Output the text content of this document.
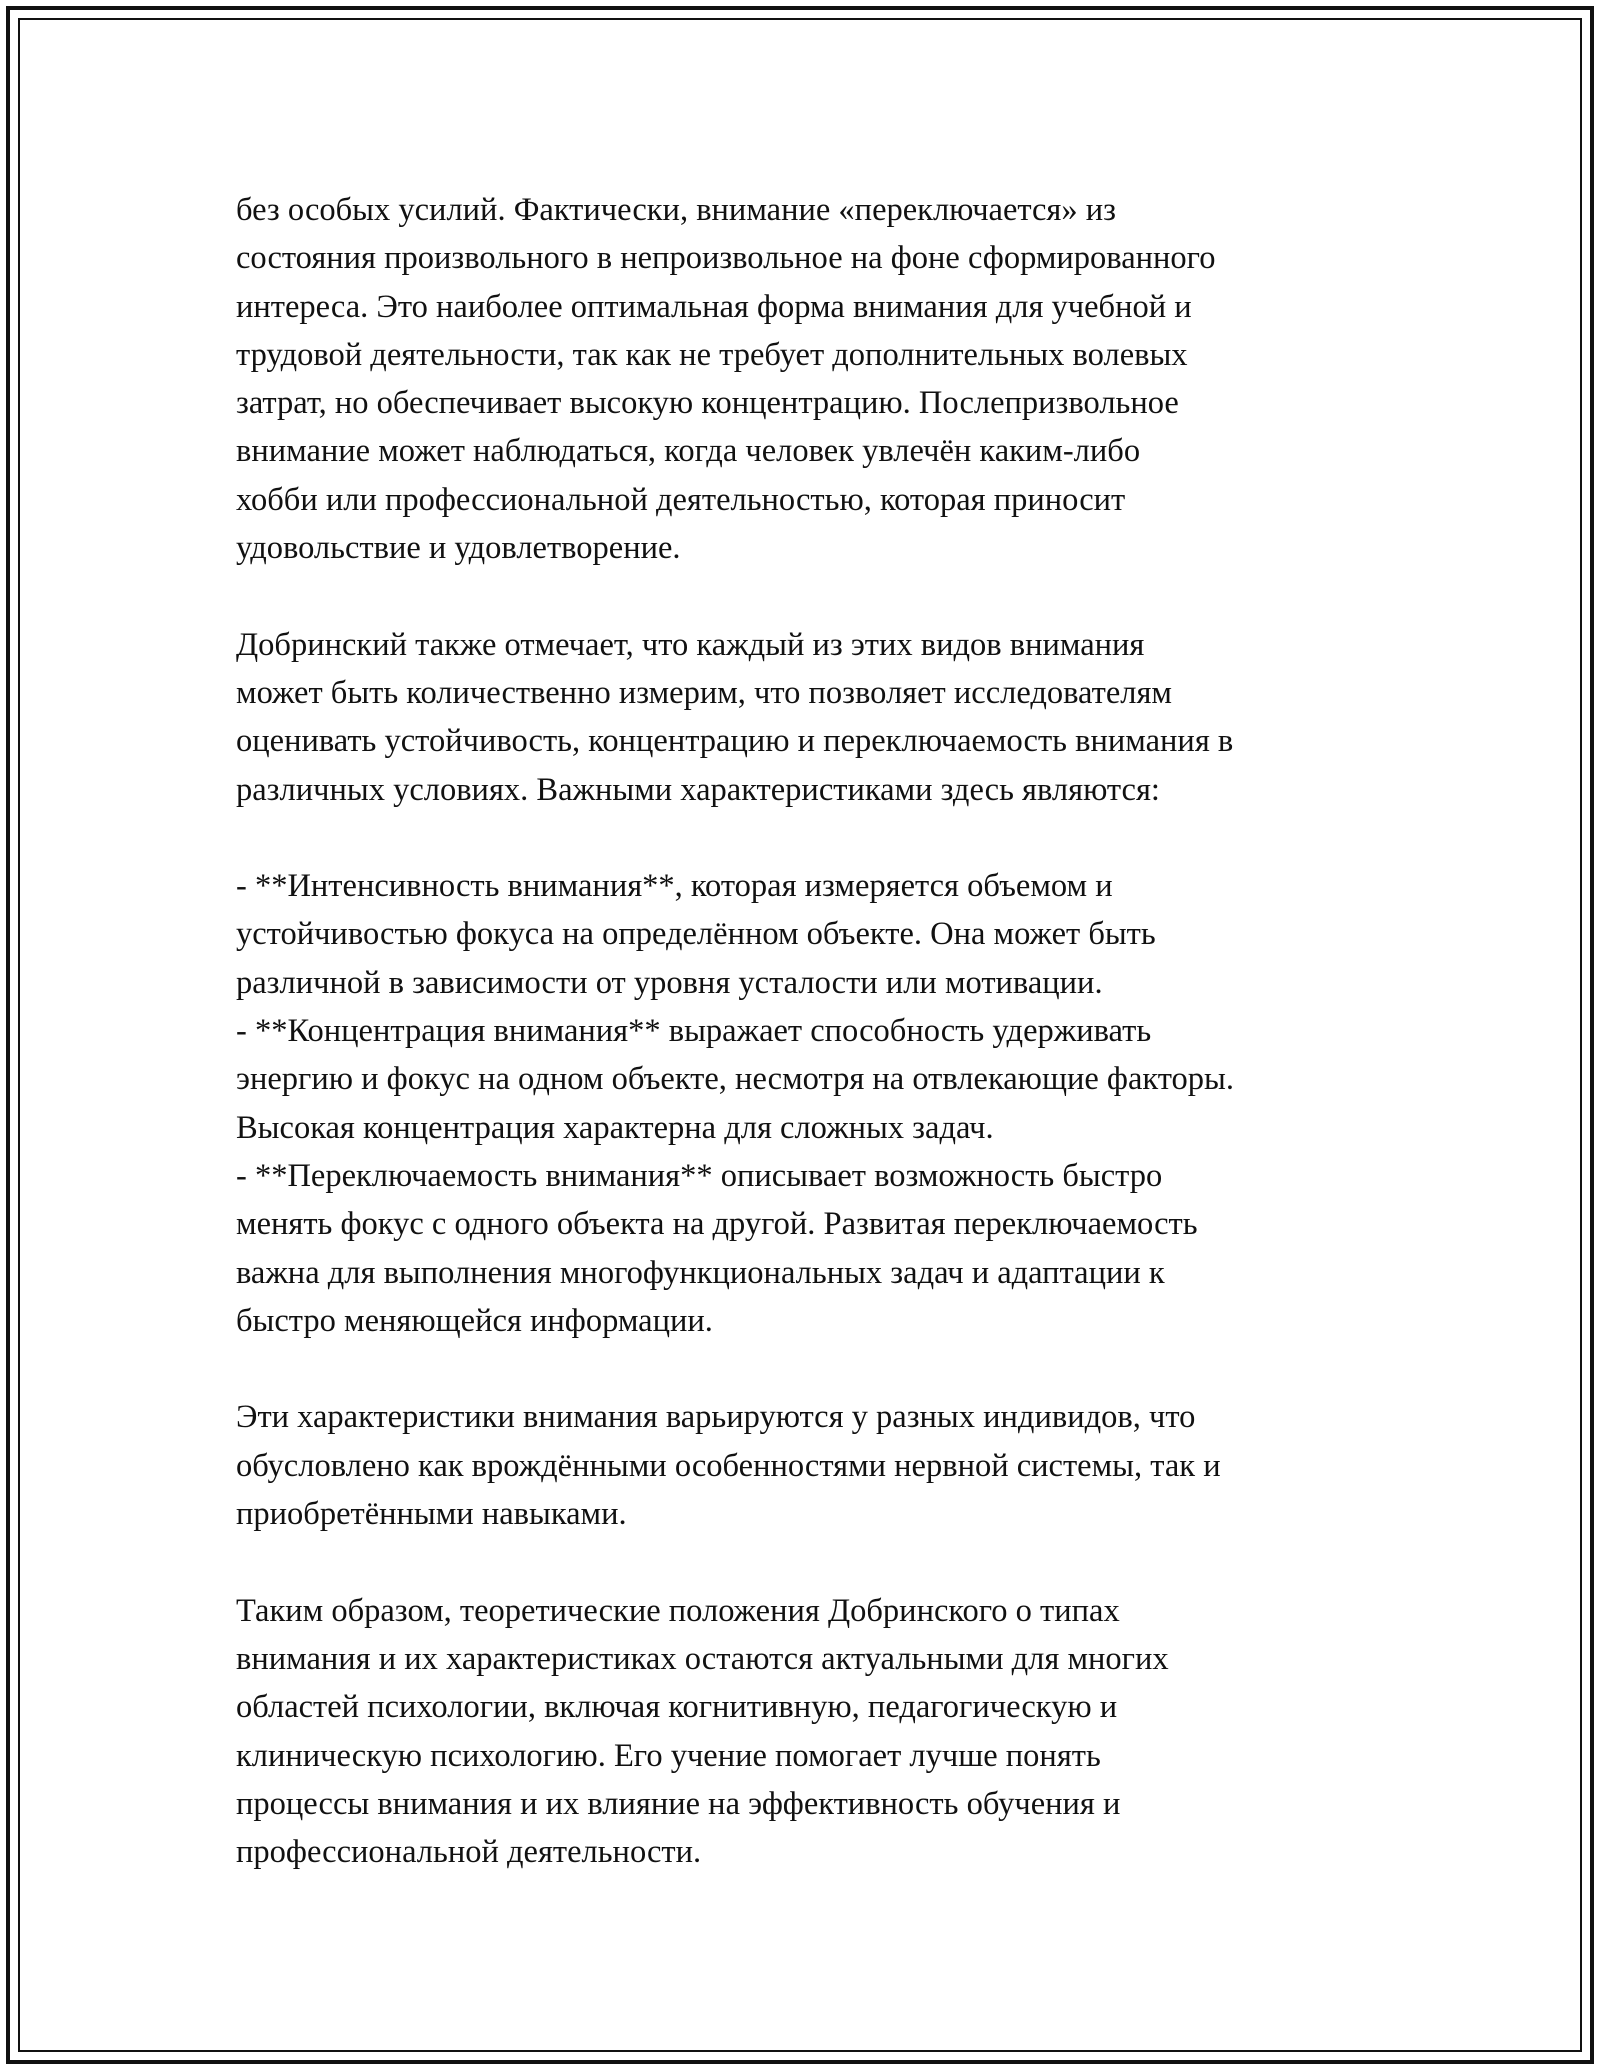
без особых усилий. Фактически, внимание «переключается» из
состояния произвольного в непроизвольное на фоне сформированного
интереса. Это наиболее оптимальная форма внимания для учебной и
трудовой деятельности, так как не требует дополнительных волевых
затрат, но обеспечивает высокую концентрацию. Послепризвольное
внимание может наблюдаться, когда человек увлечён каким-либо
хобби или профессиональной деятельностью, которая приносит
удовольствие и удовлетворение.

Добринский также отмечает, что каждый из этих видов внимания
может быть количественно измерим, что позволяет исследователям
оценивать устойчивость, концентрацию и переключаемость внимания в
различных условиях. Важными характеристиками здесь являются:

- **Интенсивность внимания**, которая измеряется объемом и
устойчивостью фокуса на определённом объекте. Она может быть
различной в зависимости от уровня усталости или мотивации.
- **Концентрация внимания** выражает способность удерживать
энергию и фокус на одном объекте, несмотря на отвлекающие факторы.
Высокая концентрация характерна для сложных задач.
- **Переключаемость внимания** описывает возможность быстро
менять фокус с одного объекта на другой. Развитая переключаемость
важна для выполнения многофункциональных задач и адаптации к
быстро меняющейся информации.

Эти характеристики внимания варьируются у разных индивидов, что
обусловлено как врождёнными особенностями нервной системы, так и
приобретёнными навыками.

Таким образом, теоретические положения Добринского о типах
внимания и их характеристиках остаются актуальными для многих
областей психологии, включая когнитивную, педагогическую и
клиническую психологию. Его учение помогает лучше понять
процессы внимания и их влияние на эффективность обучения и
профессиональной деятельности.
